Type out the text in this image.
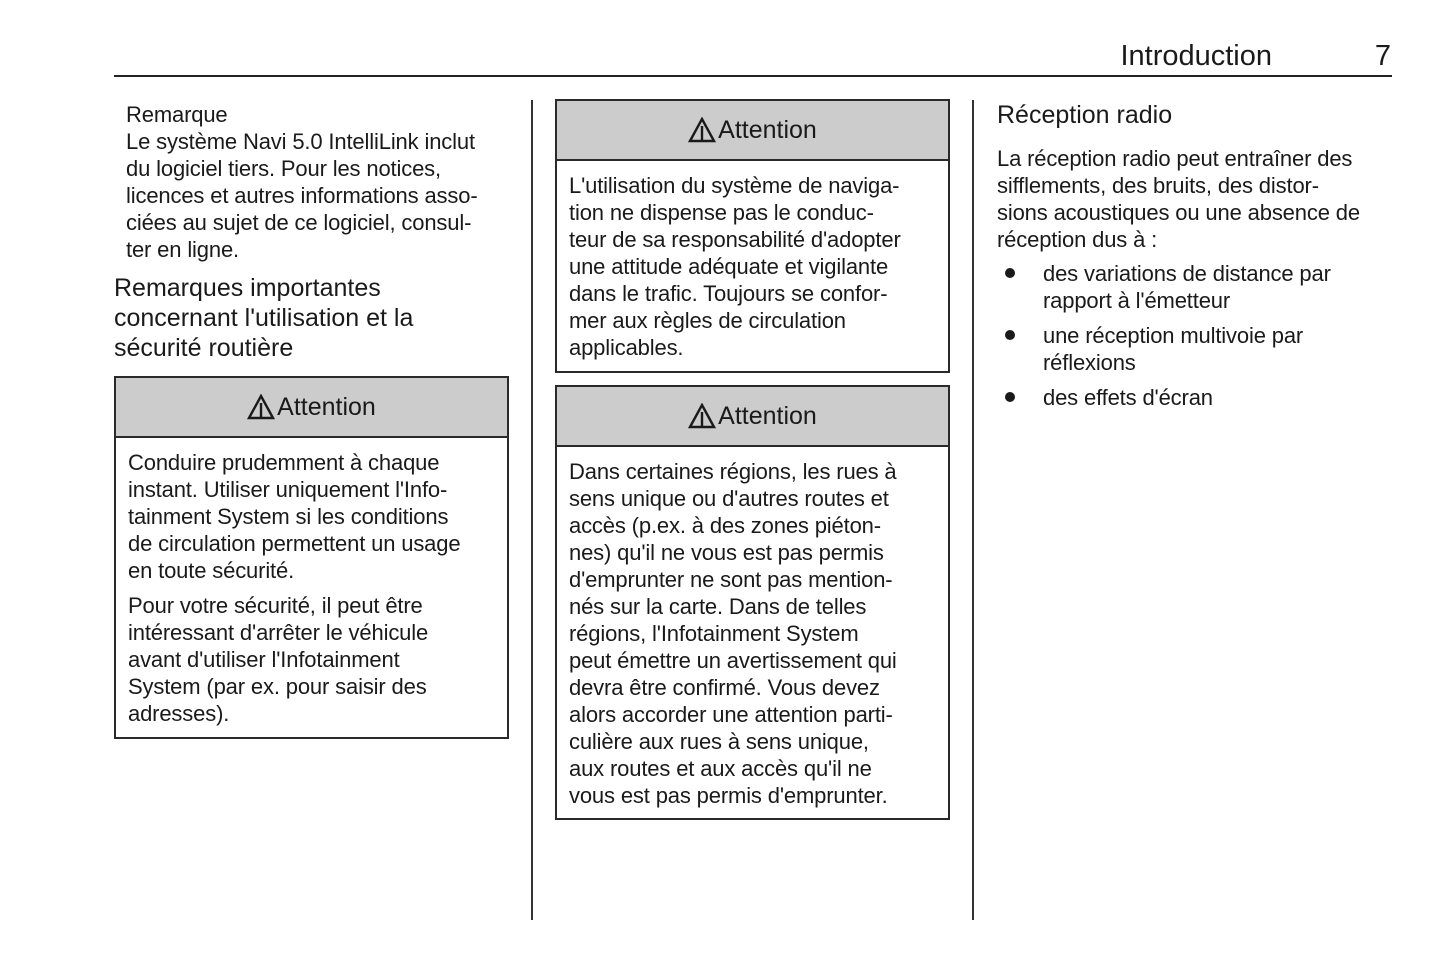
Introduction	7
Remarque
Le système Navi 5.0 IntelliLink inclut
du logiciel tiers. Pour les notices,
licences et autres informations asso-
ciées au sujet de ce logiciel, consul-
ter en ligne.
Remarques importantes
concernant l'utilisation et la
sécurité routière
Attention
Conduire prudemment à chaque
instant. Utiliser uniquement l'Info-
tainment System si les conditions
de circulation permettent un usage
en toute sécurité.
Pour votre sécurité, il peut être
intéressant d'arrêter le véhicule
avant d'utiliser l'Infotainment
System (par ex. pour saisir des
adresses).
Attention
L'utilisation du système de naviga-
tion ne dispense pas le conduc-
teur de sa responsabilité d'adopter
une attitude adéquate et vigilante
dans le trafic. Toujours se confor-
mer aux règles de circulation
applicables.
Attention
Dans certaines régions, les rues à
sens unique ou d'autres routes et
accès (p.ex. à des zones piéton-
nes) qu'il ne vous est pas permis
d'emprunter ne sont pas mention-
nés sur la carte. Dans de telles
régions, l'Infotainment System
peut émettre un avertissement qui
devra être confirmé. Vous devez
alors accorder une attention parti-
culière aux rues à sens unique,
aux routes et aux accès qu'il ne
vous est pas permis d'emprunter.
Réception radio
La réception radio peut entraîner des
sifflements, des bruits, des distor-
sions acoustiques ou une absence de
réception dus à :
des variations de distance par
rapport à l'émetteur
une réception multivoie par
réflexions
des effets d'écran
